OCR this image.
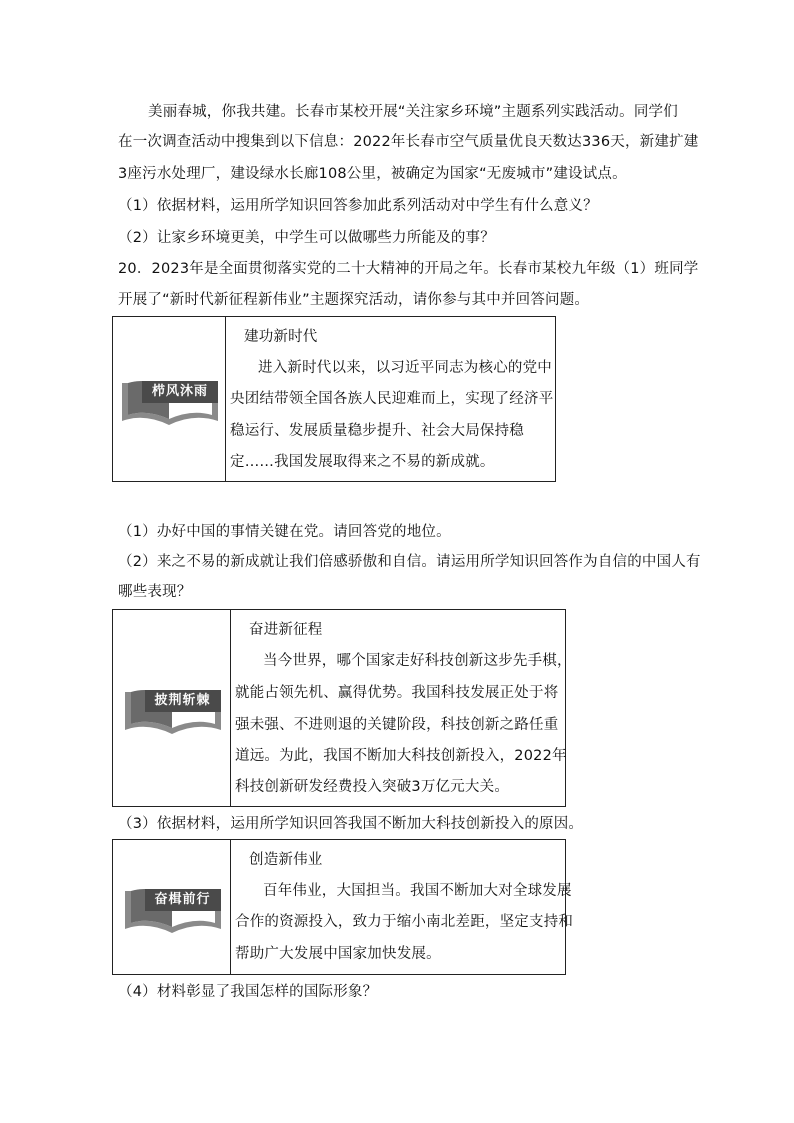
美丽春城，你我共建。长春市某校开展“关注家乡环境”主题系列实践活动。同学们
在一次调查活动中搜集到以下信息：2022年长春市空气质量优良天数达336天，新建扩建
3座污水处理厂，建设绿水长廊108公里，被确定为国家“无废城市”建设试点。
（1）依据材料，运用所学知识回答参加此系列活动对中学生有什么意义？
（2）让家乡环境更美，中学生可以做哪些力所能及的事？
20．2023年是全面贯彻落实党的二十大精神的开局之年。长春市某校九年级（1）班同学
开展了“新时代新征程新伟业”主题探究活动，请你参与其中并回答问题。
栉风沐雨
建功新时代
进入新时代以来，以习近平同志为核心的党中
央团结带领全国各族人民迎难而上，实现了经济平
稳运行、发展质量稳步提升、社会大局保持稳
定……我国发展取得来之不易的新成就。
（1）办好中国的事情关键在党。请回答党的地位。
（2）来之不易的新成就让我们倍感骄傲和自信。请运用所学知识回答作为自信的中国人有
哪些表现？
披荆斩棘
奋进新征程
当今世界，哪个国家走好科技创新这步先手棋，
就能占领先机、赢得优势。我国科技发展正处于将
强未强、不进则退的关键阶段，科技创新之路任重
道远。为此，我国不断加大科技创新投入，2022年
科技创新研发经费投入突破3万亿元大关。
（3）依据材料，运用所学知识回答我国不断加大科技创新投入的原因。
奋楫前行
创造新伟业
百年伟业，大国担当。我国不断加大对全球发展
合作的资源投入，致力于缩小南北差距，坚定支持和
帮助广大发展中国家加快发展。
（4）材料彰显了我国怎样的国际形象？
